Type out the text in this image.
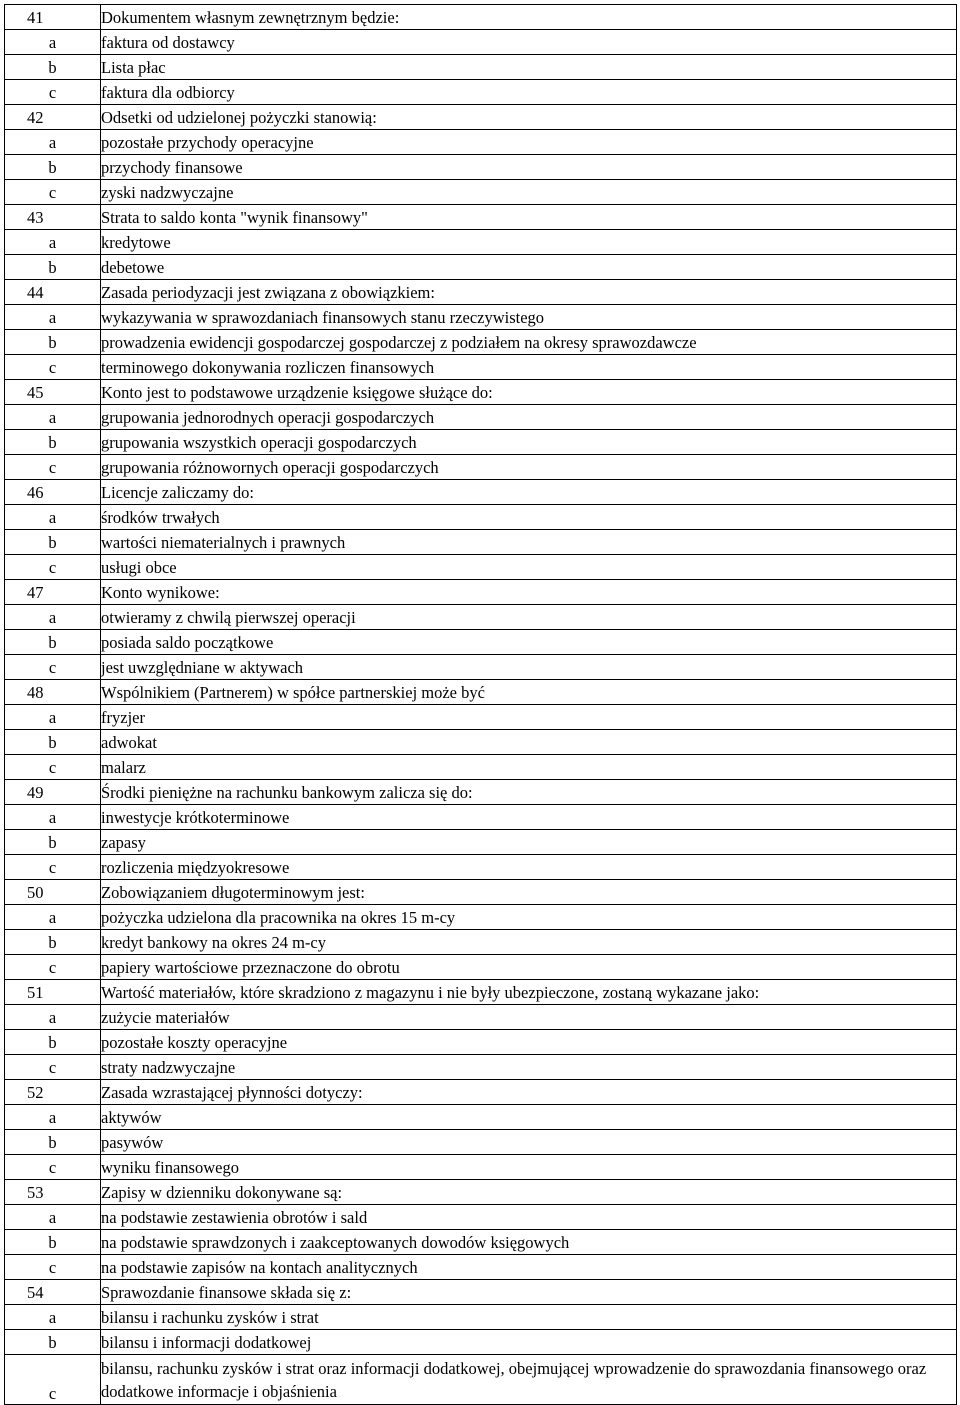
41	Dokumentem własnym zewnętrznym będzie:
a	faktura od dostawcy
b	Lista płac
c	faktura dla odbiorcy
42	Odsetki od udzielonej pożyczki stanowią:
a	pozostałe przychody operacyjne
b	przychody finansowe
c	zyski nadzwyczajne
43	Strata to saldo konta "wynik finansowy"
a	kredytowe
b	debetowe
44	Zasada periodyzacji jest związana z obowiązkiem:
a	wykazywania w sprawozdaniach finansowych stanu rzeczywistego
b	prowadzenia ewidencji gospodarczej gospodarczej z podziałem na okresy sprawozdawcze
c	terminowego dokonywania rozliczen finansowych
45	Konto jest to podstawowe urządzenie księgowe służące do:
a	grupowania jednorodnych operacji gospodarczych
b	grupowania wszystkich operacji gospodarczych
c	grupowania różnowornych operacji gospodarczych
46	Licencje zaliczamy do:
a	środków trwałych
b	wartości niematerialnych i prawnych
c	usługi obce
47	Konto wynikowe:
a	otwieramy z chwilą pierwszej operacji
b	posiada saldo początkowe
c	jest uwzględniane w aktywach
48	Wspólnikiem (Partnerem) w spółce partnerskiej może być
a	fryzjer
b	adwokat
c	malarz
49	Środki pieniężne na rachunku bankowym zalicza się do:
a	inwestycje krótkoterminowe
b	zapasy
c	rozliczenia międzyokresowe
50	Zobowiązaniem długoterminowym jest:
a	pożyczka udzielona dla pracownika na okres 15 m-cy
b	kredyt bankowy na okres 24 m-cy
c	papiery wartościowe przeznaczone do obrotu
51	Wartość materiałów, które skradziono z magazynu i nie były ubezpieczone, zostaną wykazane jako:
a	zużycie materiałów
b	pozostałe koszty operacyjne
c	straty nadzwyczajne
52	Zasada wzrastającej płynności dotyczy:
a	aktywów
b	pasywów
c	wyniku finansowego
53	Zapisy w dzienniku dokonywane są:
a	na podstawie zestawienia obrotów i sald
b	na podstawie sprawdzonych i zaakceptowanych dowodów księgowych
c	na podstawie zapisów na kontach analitycznych
54	Sprawozdanie finansowe składa się z:
a	bilansu i rachunku zysków i strat
b	bilansu i informacji dodatkowej
c	bilansu, rachunku zysków i strat oraz informacji dodatkowej, obejmującej wprowadzenie do sprawozdania finansowego oraz dodatkowe informacje i objaśnienia
